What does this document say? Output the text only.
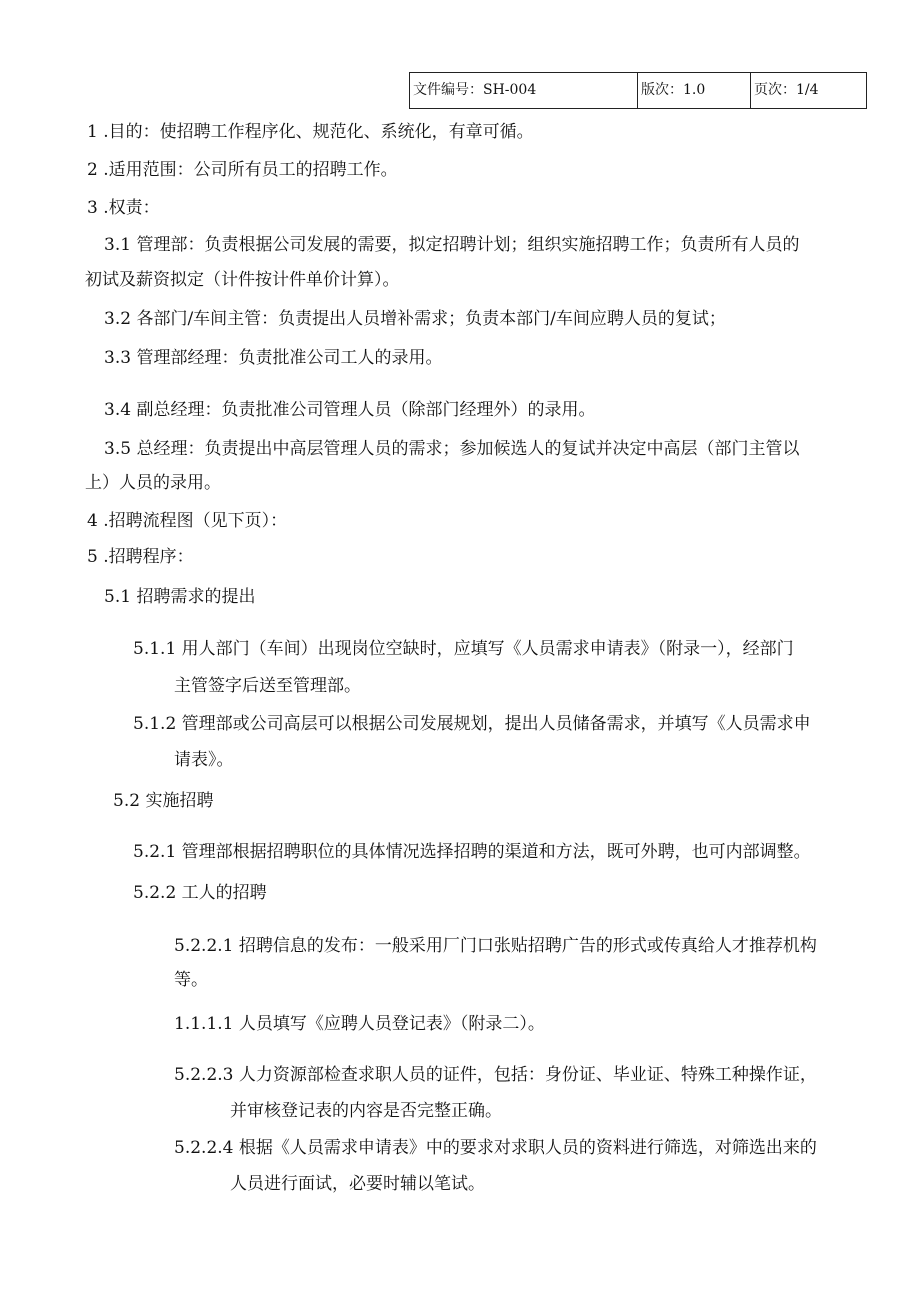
文件编号：SH-004	版次：1.0	页次：1/4
1 .目的：使招聘工作程序化、规范化、系统化，有章可循。
2 .适用范围：公司所有员工的招聘工作。
3 .权责：
3.1 管理部：负责根据公司发展的需要，拟定招聘计划；组织实施招聘工作；负责所有人员的
初试及薪资拟定（计件按计件单价计算）。
3.2 各部门/车间主管：负责提出人员增补需求；负责本部门/车间应聘人员的复试；
3.3 管理部经理：负责批准公司工人的录用。
3.4 副总经理：负责批准公司管理人员（除部门经理外）的录用。
3.5 总经理：负责提出中高层管理人员的需求；参加候选人的复试并决定中高层（部门主管以
上）人员的录用。
4 .招聘流程图（见下页）：
5 .招聘程序：
5.1 招聘需求的提出
5.1.1 用人部门（车间）出现岗位空缺时，应填写《人员需求申请表》（附录一），经部门
主管签字后送至管理部。
5.1.2 管理部或公司高层可以根据公司发展规划，提出人员储备需求，并填写《人员需求申
请表》。
5.2 实施招聘
5.2.1 管理部根据招聘职位的具体情况选择招聘的渠道和方法，既可外聘，也可内部调整。
5.2.2 工人的招聘
5.2.2.1 招聘信息的发布：一般采用厂门口张贴招聘广告的形式或传真给人才推荐机构
等。
1.1.1.1 人员填写《应聘人员登记表》（附录二）。
5.2.2.3 人力资源部检查求职人员的证件，包括：身份证、毕业证、特殊工种操作证，
并审核登记表的内容是否完整正确。
5.2.2.4 根据《人员需求申请表》中的要求对求职人员的资料进行筛选，对筛选出来的
人员进行面试，必要时辅以笔试。
